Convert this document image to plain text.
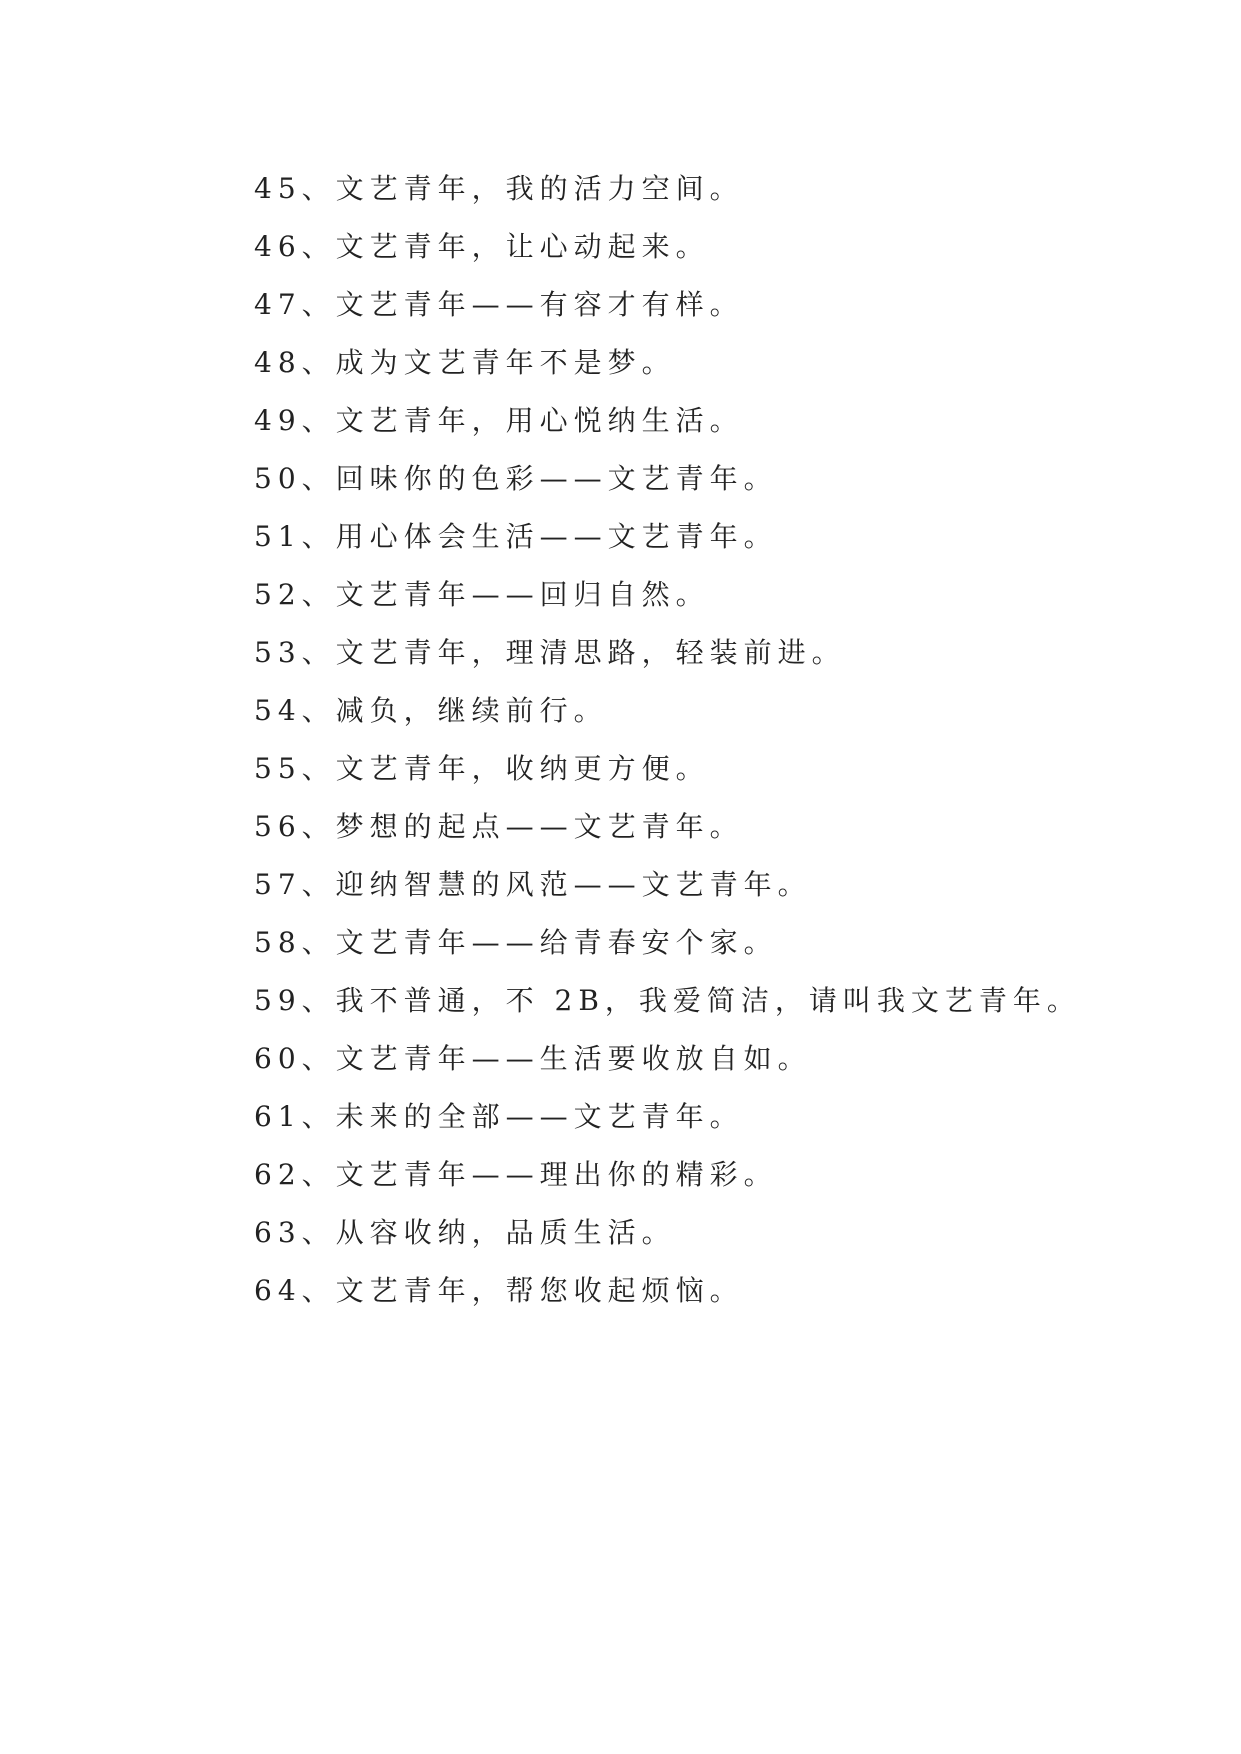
45、文艺青年，我的活力空间。
46、文艺青年，让心动起来。
47、文艺青年——有容才有样。
48、成为文艺青年不是梦。
49、文艺青年，用心悦纳生活。
50、回味你的色彩——文艺青年。
51、用心体会生活——文艺青年。
52、文艺青年——回归自然。
53、文艺青年，理清思路，轻装前进。
54、减负，继续前行。
55、文艺青年，收纳更方便。
56、梦想的起点——文艺青年。
57、迎纳智慧的风范——文艺青年。
58、文艺青年——给青春安个家。
59、我不普通，不 2B，我爱简洁，请叫我文艺青年。
60、文艺青年——生活要收放自如。
61、未来的全部——文艺青年。
62、文艺青年——理出你的精彩。
63、从容收纳，品质生活。
64、文艺青年，帮您收起烦恼。
